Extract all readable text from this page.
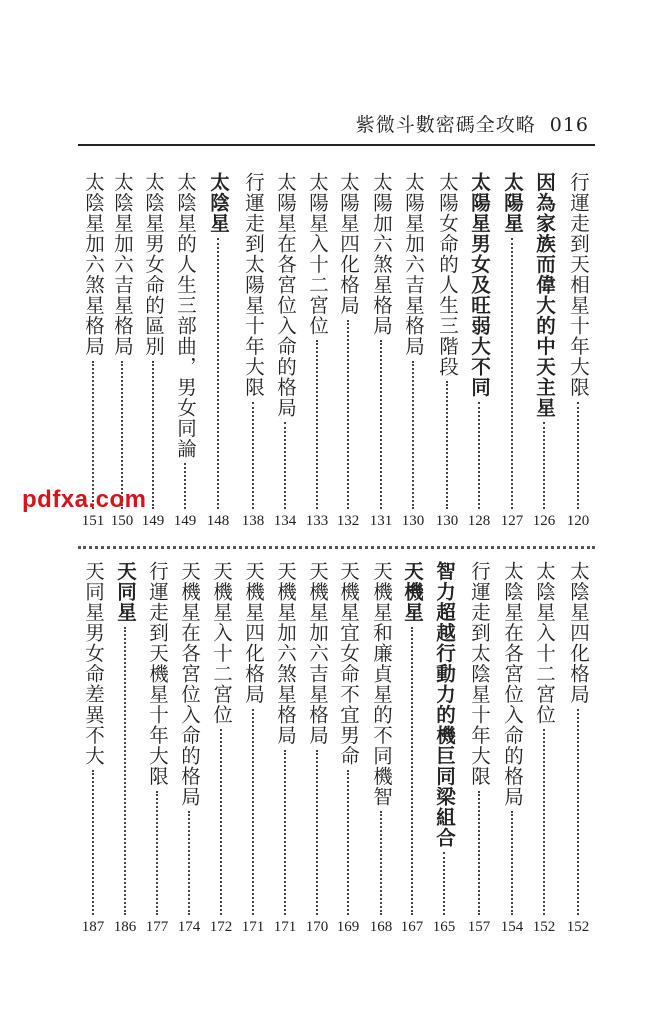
紫微斗數密碼全攻略 016
行運走到天相星十年大限
120
因為家族而偉大的中天主星
126
太陽星
127
太陽星男女及旺弱大不同
128
太陽女命的人生三階段
130
太陽星加六吉星格局
130
太陽加六煞星格局
131
太陽星四化格局
132
太陽星入十二宮位
133
太陽星在各宮位入命的格局
134
行運走到太陽星十年大限
138
太陰星
148
太陰星的人生三部曲，男女同論
149
太陰星男女命的區別
149
太陰星加六吉星格局
150
太陰星加六煞星格局
151
太陰星四化格局
152
太陰星入十二宮位
152
太陰星在各宮位入命的格局
154
行運走到太陰星十年大限
157
智力超越行動力的機巨同梁組合
165
天機星
167
天機星和廉貞星的不同機智
168
天機星宜女命不宜男命
169
天機星加六吉星格局
170
天機星加六煞星格局
171
天機星四化格局
171
天機星入十二宮位
172
天機星在各宮位入命的格局
174
行運走到天機星十年大限
177
天同星
186
天同星男女命差異不大
187
pdfxa.com
